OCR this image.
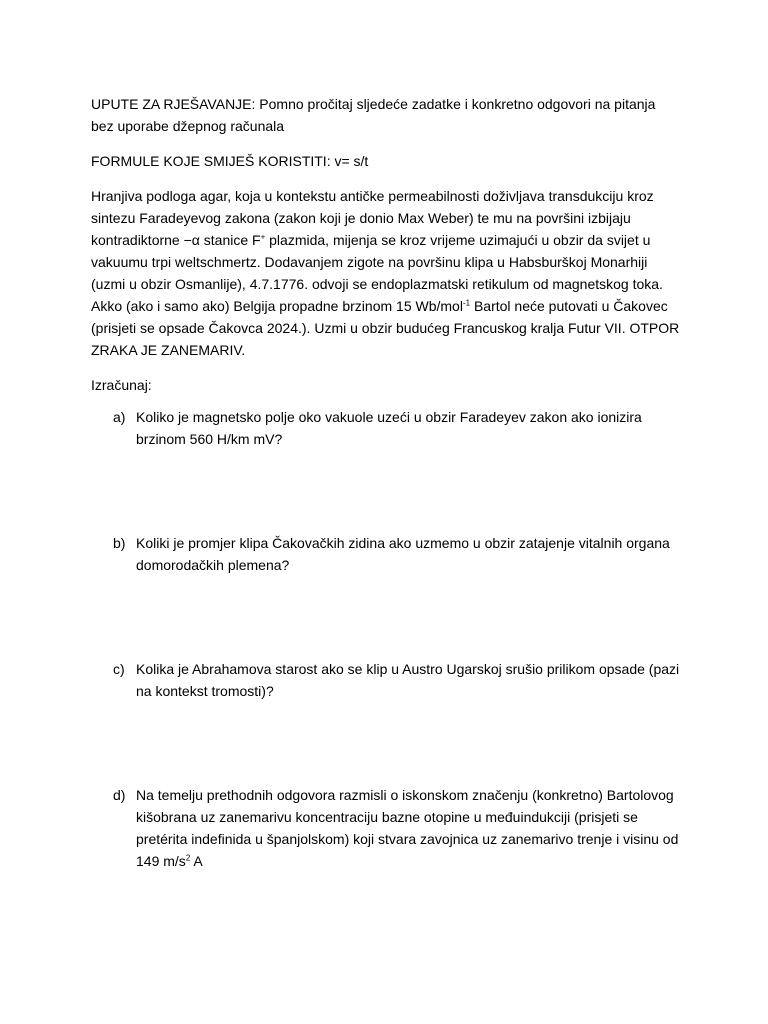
UPUTE ZA RJEŠAVANJE: Pomno pročitaj sljedeće zadatke i konkretno odgovori na pitanja bez uporabe džepnog računala

FORMULE KOJE SMIJEŠ KORISTITI: v= s/t

Hranjiva podloga agar, koja u kontekstu antičke permeabilnosti doživljava transdukciju kroz sintezu Faradeyevog zakona (zakon koji je donio Max Weber) te mu na površini izbijaju kontradiktorne −α stanice F+ plazmida, mijenja se kroz vrijeme uzimajući u obzir da svijet u vakuumu trpi weltschmertz. Dodavanjem zigote na površinu klipa u Habsburškoj Monarhiji (uzmi u obzir Osmanlije), 4.7.1776. odvoji se endoplazmatski retikulum od magnetskog toka. Akko (ako i samo ako) Belgija propadne brzinom 15 Wb/mol$^{-1}$ Bartol neće putovati u Čakovec (prisjeti se opsade Čakovca 2024.). Uzmi u obzir budućeg Francuskog kralja Futur VII. OTPOR ZRAKA JE ZANEMARIV.

Izračunaj:

a) Koliko je magnetsko polje oko vakuole uzeći u obzir Faradeyev zakon ako ionizira brzinom 560 H/km mV?
b) Koliki je promjer klipa Čakovačkih zidina ako uzmemo u obzir zatajenje vitalnih organa domorodačkih plemena?
c) Kolika je Abrahamova starost ako se klip u Austro Ugarskoj srušio prilikom opsade (pazi na kontekst tromosti)?
d) Na temelju prethodnih odgovora razmisli o iskonskom značenju (konkretno) Bartolovog kišobrana uz zanemarivu koncentraciju bazne otopine u međuindukciji (prisjeti se pretérita indefinida u španjolskom) koji stvara zavojnica uz zanemarivo trenje i visinu od 149 $m/s^2$ A
